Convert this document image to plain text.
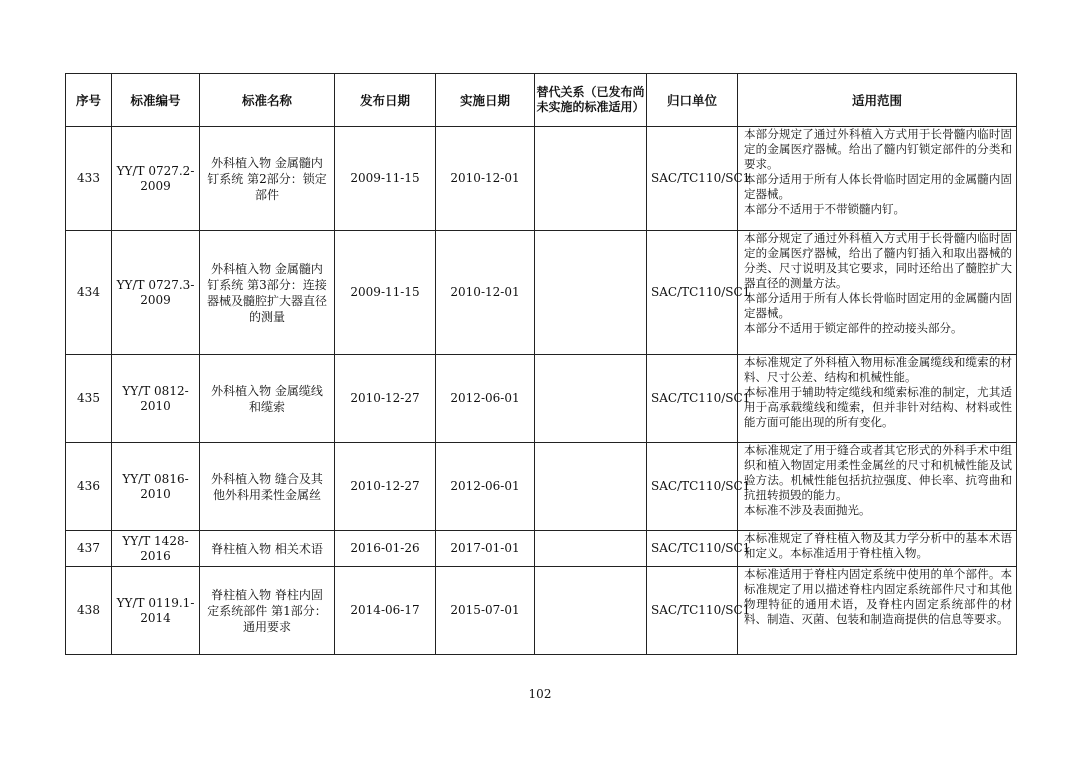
序号	标准编号	标准名称	发布日期	实施日期	替代关系（已发布尚未实施的标准适用）	归口单位	适用范围
433	YY/T 0727.2-2009	外科植入物 金属髓内钉系统 第2部分：锁定部件	2009-11-15	2010-12-01		SAC/TC110/SC1	本部分规定了通过外科植入方式用于长骨髓内临时固定的金属医疗器械。给出了髓内钉锁定部件的分类和要求。
本部分适用于所有人体长骨临时固定用的金属髓内固定器械。
本部分不适用于不带锁髓内钉。

434	YY/T 0727.3-2009	外科植入物 金属髓内钉系统 第3部分：连接器械及髓腔扩大器直径的测量	2009-11-15	2010-12-01		SAC/TC110/SC1	本部分规定了通过外科植入方式用于长骨髓内临时固定的金属医疗器械，给出了髓内钉插入和取出器械的分类、尺寸说明及其它要求，同时还给出了髓腔扩大器直径的测量方法。
本部分适用于所有人体长骨临时固定用的金属髓内固定器械。
本部分不适用于锁定部件的控动接头部分。

435	YY/T 0812-2010	外科植入物 金属缆线和缆索	2010-12-27	2012-06-01		SAC/TC110/SC1	本标准规定了外科植入物用标准金属缆线和缆索的材料、尺寸公差、结构和机械性能。
本标准用于辅助特定缆线和缆索标准的制定，尤其适用于高承载缆线和缆索，但并非针对结构、材料或性能方面可能出现的所有变化。

436	YY/T 0816-2010	外科植入物 缝合及其他外科用柔性金属丝	2010-12-27	2012-06-01		SAC/TC110/SC1	本标准规定了用于缝合或者其它形式的外科手术中组织和植入物固定用柔性金属丝的尺寸和机械性能及试验方法。机械性能包括抗拉强度、伸长率、抗弯曲和抗扭转损毁的能力。
本标准不涉及表面抛光。

437	YY/T 1428-2016	脊柱植入物 相关术语	2016-01-26	2017-01-01		SAC/TC110/SC1	本标准规定了脊柱植入物及其力学分析中的基本术语和定义。本标准适用于脊柱植入物。

438	YY/T 0119.1-2014	脊柱植入物 脊柱内固定系统部件 第1部分：通用要求	2014-06-17	2015-07-01		SAC/TC110/SC1	本标准适用于脊柱内固定系统中使用的单个部件。本标准规定了用以描述脊柱内固定系统部件尺寸和其他物理特征的通用术语，及脊柱内固定系统部件的材料、制造、灭菌、包装和制造商提供的信息等要求。
102
